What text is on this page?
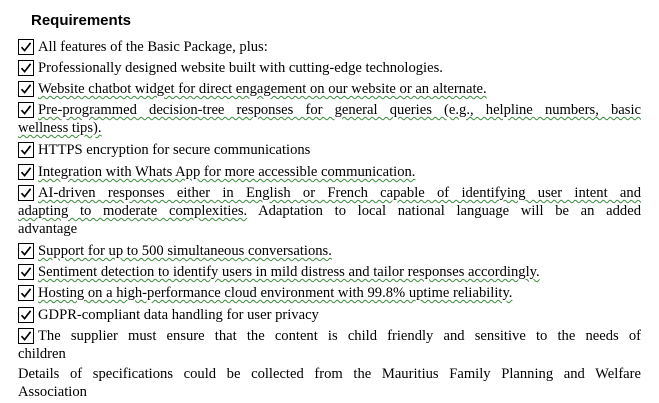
Requirements
All features of the Basic Package, plus:
Professionally designed website built with cutting-edge technologies.
Website chatbot widget for direct engagement on our website or an alternate.
Pre-programmed decision-tree responses for general queries (e.g., helpline numbers, basic
wellness tips).
HTTPS encryption for secure communications
Integration with Whats App for more accessible communication.
AI-driven responses either in English or French capable of identifying user intent and
adapting to moderate complexities. Adaptation to local national language will be an added
advantage
Support for up to 500 simultaneous conversations.
Sentiment detection to identify users in mild distress and tailor responses accordingly.
Hosting on a high-performance cloud environment with 99.8% uptime reliability.
GDPR-compliant data handling for user privacy
The supplier must ensure that the content is child friendly and sensitive to the needs of
children
Details of specifications could be collected from the Mauritius Family Planning and Welfare
Association
